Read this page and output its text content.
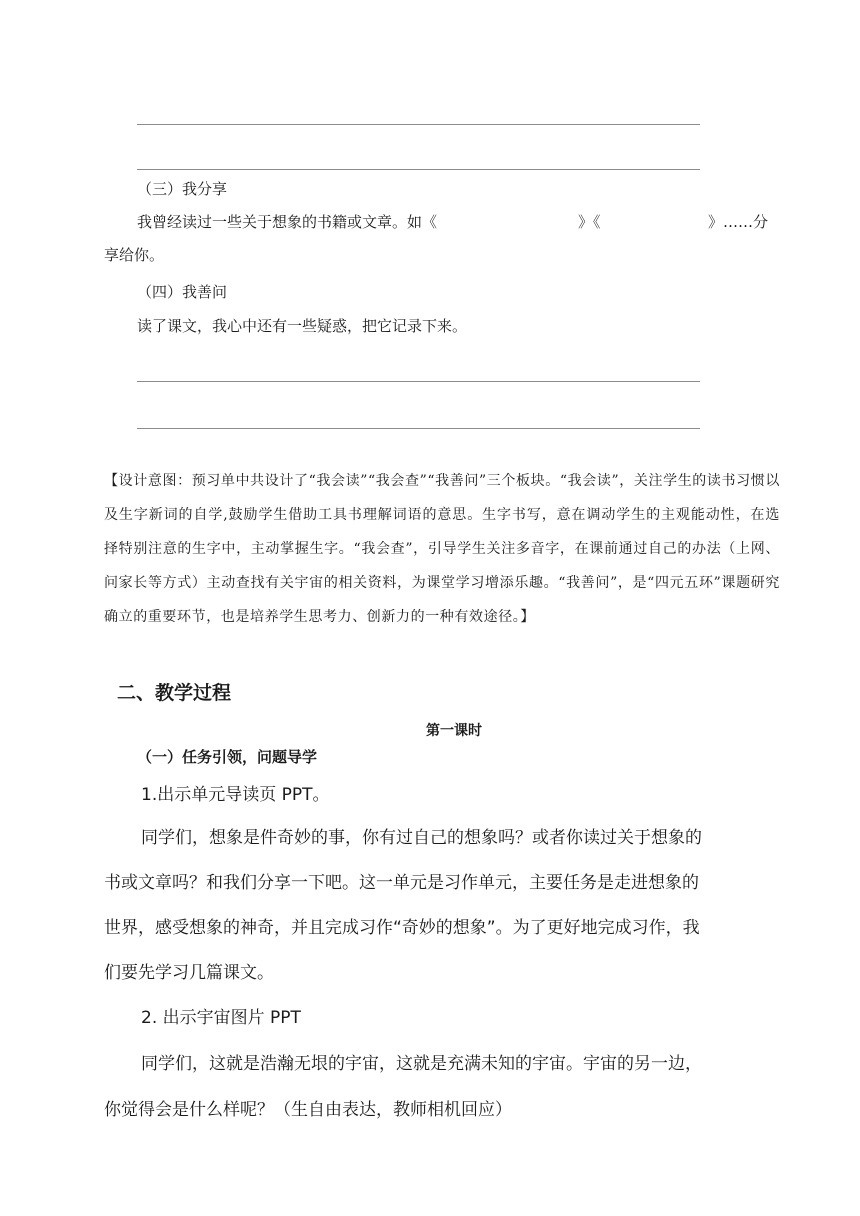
（三）我分享
我曾经读过一些关于想象的书籍或文章。如《	》《	》……分
享给你。
（四）我善问
读了课文，我心中还有一些疑惑，把它记录下来。
【设计意图：预习单中共设计了“我会读”“我会查”“我善问”三个板块。“我会读”，关注学生的读书习惯以及生字新词的自学,鼓励学生借助工具书理解词语的意思。生字书写，意在调动学生的主观能动性，在选择特别注意的生字中，主动掌握生字。“我会查”，引导学生关注多音字，在课前通过自己的办法（上网、问家长等方式）主动查找有关宇宙的相关资料，为课堂学习增添乐趣。“我善问”，是“四元五环”课题研究确立的重要环节，也是培养学生思考力、创新力的一种有效途径。】
二、教学过程
第一课时
（一）任务引领，问题导学
1.出示单元导读页 PPT。
同学们，想象是件奇妙的事，你有过自己的想象吗？或者你读过关于想象的
书或文章吗？和我们分享一下吧。这一单元是习作单元，主要任务是走进想象的
世界，感受想象的神奇，并且完成习作“奇妙的想象”。为了更好地完成习作，我
们要先学习几篇课文。
2. 出示宇宙图片 PPT
同学们，这就是浩瀚无垠的宇宙，这就是充满未知的宇宙。宇宙的另一边，
你觉得会是什么样呢？（生自由表达，教师相机回应）
